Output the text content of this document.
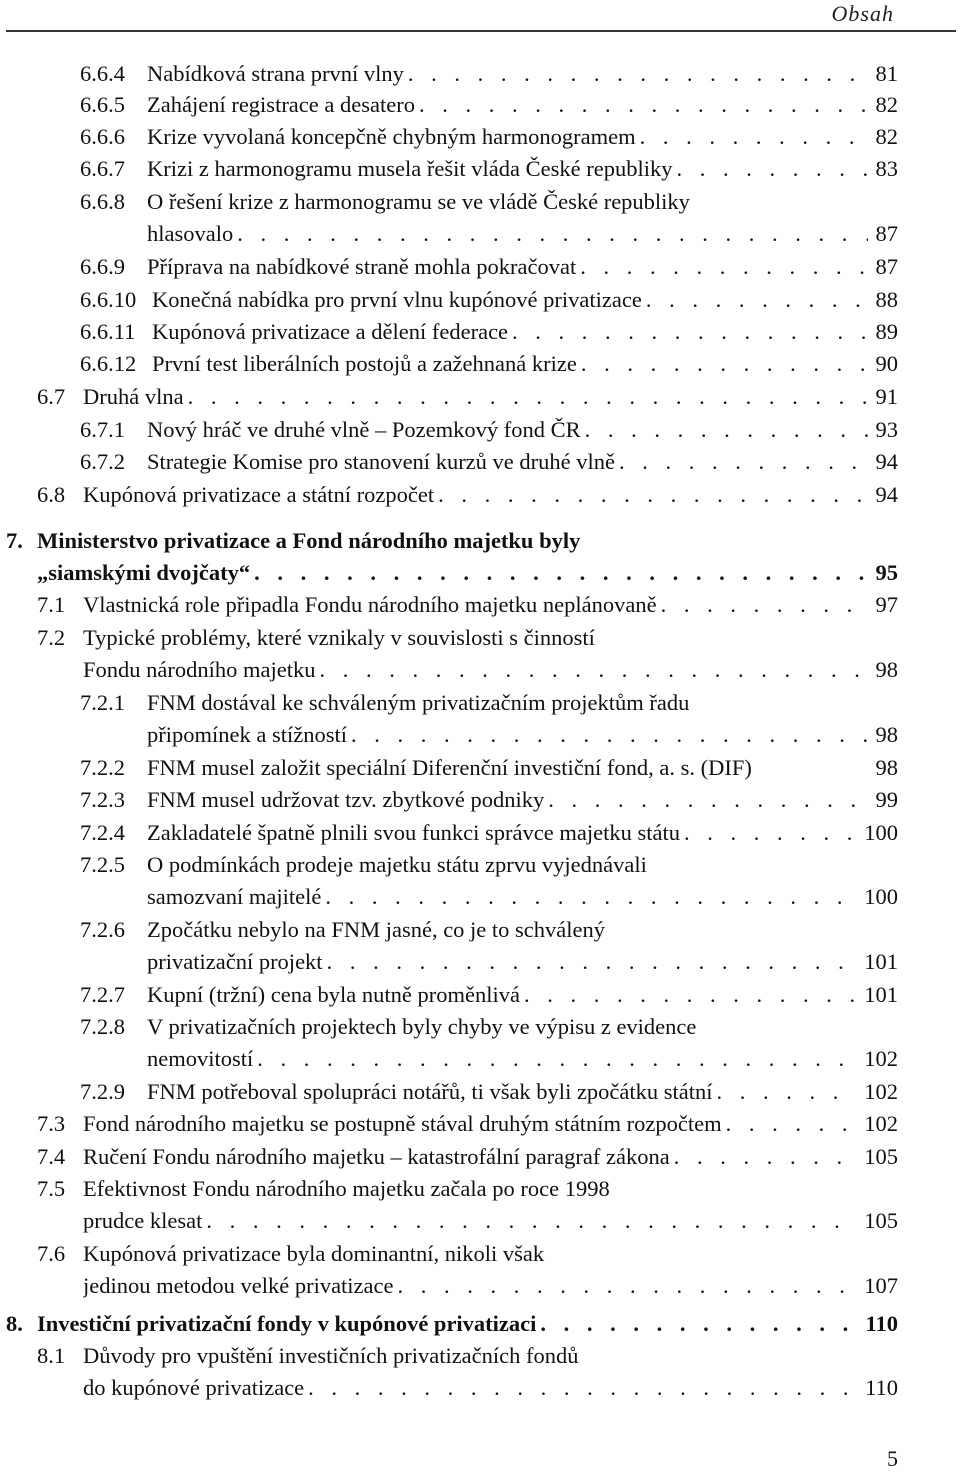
Obsah
6.6.4 Nabídková strana první vlny . . .	81
6.6.5 Zahájení registrace a desatero . . .	82
6.6.6 Krize vyvolaná koncepčně chybným harmonogramem . . .	82
6.6.7 Krizi z harmonogramu musela řešit vláda České republiky . . .	83
6.6.8 O řešení krize z harmonogramu se ve vládě České republiky
hlasovalo . . .	87
6.6.9 Příprava na nabídkové straně mohla pokračovat . . .	87
6.6.10 Konečná nabídka pro první vlnu kupónové privatizace . . .	88
6.6.11 Kupónová privatizace a dělení federace . . .	89
6.6.12 První test liberálních postojů a zažehnaná krize . . .	90
6.7 Druhá vlna . . .	91
6.7.1 Nový hráč ve druhé vlně – Pozemkový fond ČR . . .	93
6.7.2 Strategie Komise pro stanovení kurzů ve druhé vlně . . .	94
6.8 Kupónová privatizace a státní rozpočet . . .	94
7. Ministerstvo privatizace a Fond národního majetku byly
„siamskými dvojčaty“ . . .	95
7.1 Vlastnická role připadla Fondu národního majetku neplánovaně . . .	97
7.2 Typické problémy, které vznikaly v souvislosti s činností
Fondu národního majetku . . .	98
7.2.1 FNM dostával ke schváleným privatizačním projektům řadu
připomínek a stížností . . .	98
7.2.2 FNM musel založit speciální Diferenční investiční fond, a. s. (DIF)	98
7.2.3 FNM musel udržovat tzv. zbytkové podniky . . .	99
7.2.4 Zakladatelé špatně plnili svou funkci správce majetku státu . . .	100
7.2.5 O podmínkách prodeje majetku státu zprvu vyjednávali
samozvaní majitelé . . .	100
7.2.6 Zpočátku nebylo na FNM jasné, co je to schválený
privatizační projekt . . .	101
7.2.7 Kupní (tržní) cena byla nutně proměnlivá . . .	101
7.2.8 V privatizačních projektech byly chyby ve výpisu z evidence
nemovitostí . . .	102
7.2.9 FNM potřeboval spolupráci notářů, ti však byli zpočátku státní . . .	102
7.3 Fond národního majetku se postupně stával druhým státním rozpočtem . . .	102
7.4 Ručení Fondu národního majetku – katastrofální paragraf zákona . . .	105
7.5 Efektivnost Fondu národního majetku začala po roce 1998
prudce klesat . . .	105
7.6 Kupónová privatizace byla dominantní, nikoli však
jedinou metodou velké privatizace . . .	107
8. Investiční privatizační fondy v kupónové privatizaci . . .	110
8.1 Důvody pro vpuštění investičních privatizačních fondů
do kupónové privatizace . . .	110
5
